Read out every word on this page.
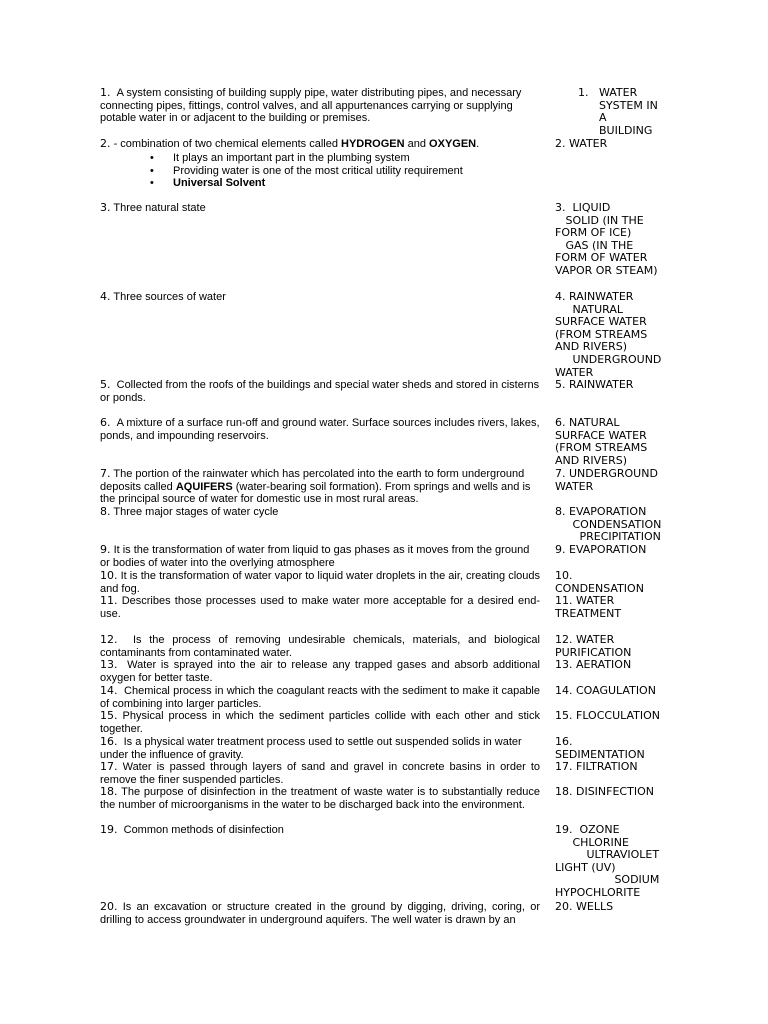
1. A system consisting of building supply pipe, water distributing pipes, and necessary connecting pipes, fittings, control valves, and all appurtenances carrying or supplying potable water in or adjacent to the building or premises.
2. - combination of two chemical elements called HYDROGEN and OXYGEN.
• It plays an important part in the plumbing system
• Providing water is one of the most critical utility requirement
• Universal Solvent
3. Three natural state
4. Three sources of water
5. Collected from the roofs of the buildings and special water sheds and stored in cisterns or ponds.
6. A mixture of a surface run-off and ground water. Surface sources includes rivers, lakes, ponds, and impounding reservoirs.
7. The portion of the rainwater which has percolated into the earth to form underground deposits called AQUIFERS (water-bearing soil formation). From springs and wells and is the principal source of water for domestic use in most rural areas.
8. Three major stages of water cycle
9. It is the transformation of water from liquid to gas phases as it moves from the ground or bodies of water into the overlying atmosphere
10. It is the transformation of water vapor to liquid water droplets in the air, creating clouds and fog.
11. Describes those processes used to make water more acceptable for a desired end-use.
12. Is the process of removing undesirable chemicals, materials, and biological contaminants from contaminated water.
13. Water is sprayed into the air to release any trapped gases and absorb additional oxygen for better taste.
14. Chemical process in which the coagulant reacts with the sediment to make it capable of combining into larger particles.
15. Physical process in which the sediment particles collide with each other and stick together.
16. Is a physical water treatment process used to settle out suspended solids in water under the influence of gravity.
17. Water is passed through layers of sand and gravel in concrete basins in order to remove the finer suspended particles.
18. The purpose of disinfection in the treatment of waste water is to substantially reduce the number of microorganisms in the water to be discharged back into the environment.
19. Common methods of disinfection
20. Is an excavation or structure created in the ground by digging, driving, coring, or drilling to access groundwater in underground aquifers. The well water is drawn by an
1.   WATER
SYSTEM IN
A
BUILDING
2. WATER
3.  LIQUID
SOLID (IN THE
FORM OF ICE)
GAS (IN THE
FORM OF WATER
VAPOR OR STEAM)
4. RAINWATER
NATURAL
SURFACE WATER
(FROM STREAMS
AND RIVERS)
UNDERGROUND
WATER
5. RAINWATER
6. NATURAL
SURFACE WATER
(FROM STREAMS
AND RIVERS)
7. UNDERGROUND
WATER
8. EVAPORATION
CONDENSATION
PRECIPITATION
9. EVAPORATION
10.
CONDENSATION
11. WATER
TREATMENT
12. WATER
PURIFICATION
13. AERATION
14. COAGULATION
15. FLOCCULATION
16.
SEDIMENTATION
17. FILTRATION
18. DISINFECTION
19.  OZONE
CHLORINE
ULTRAVIOLET
LIGHT (UV)
SODIUM
HYPOCHLORITE
20. WELLS
